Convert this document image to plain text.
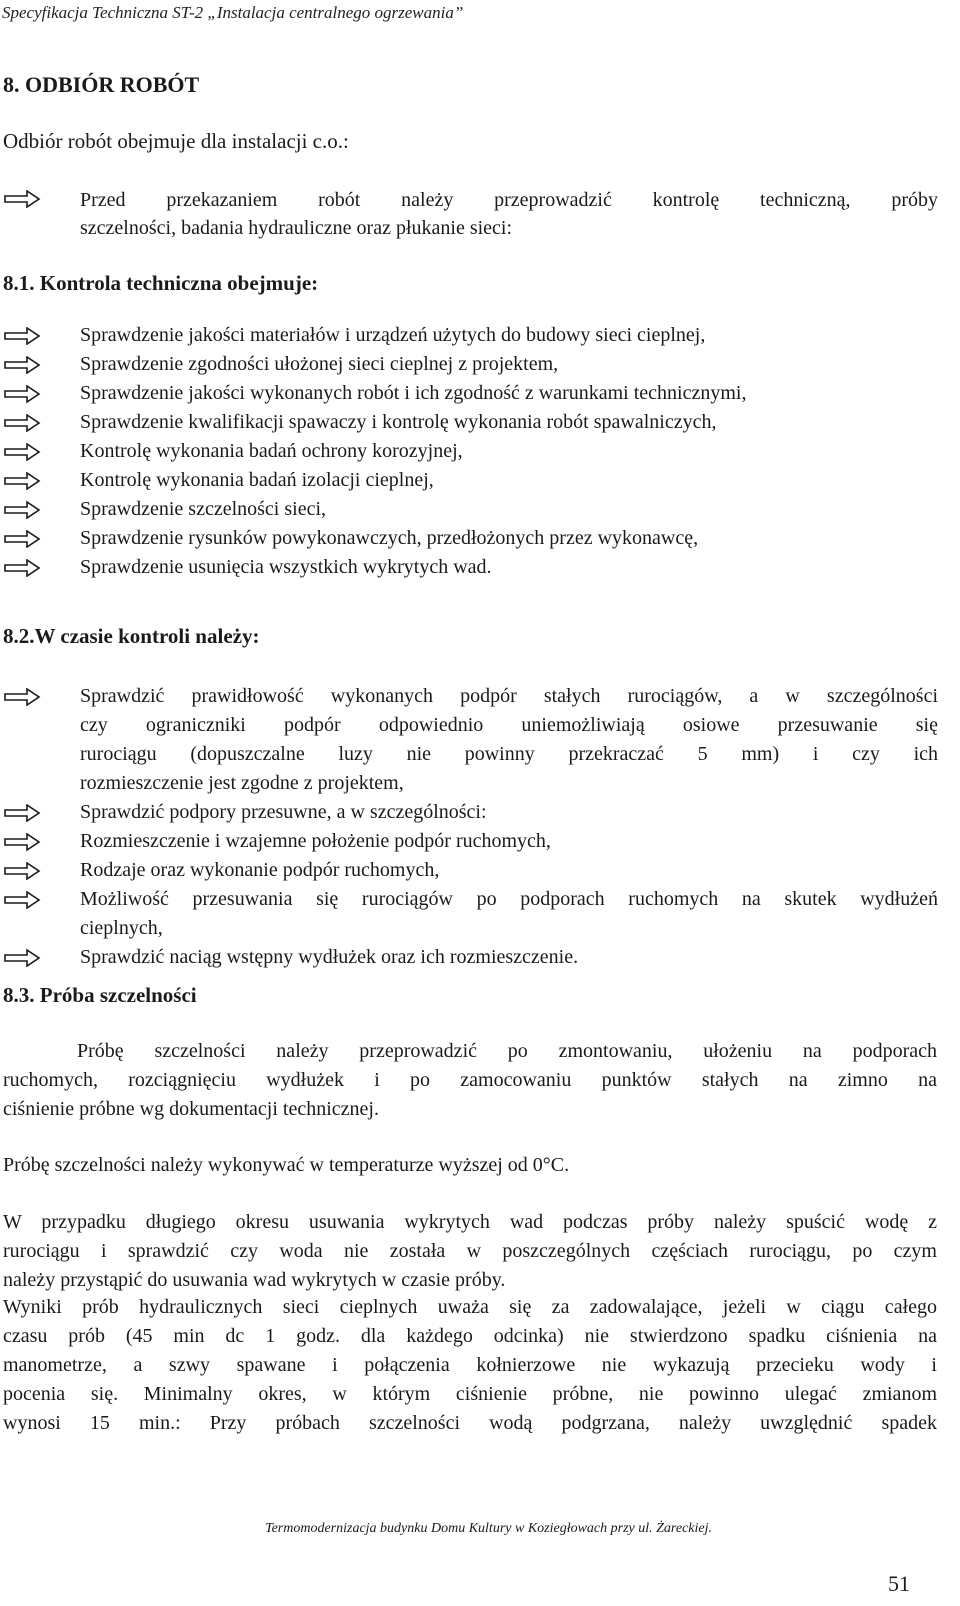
Specyfikacja Techniczna ST-2 „Instalacja centralnego ogrzewania”
8. ODBIÓR ROBÓT

Odbiór robót obejmuje dla instalacji c.o.:

Przed przekazaniem robót należy przeprowadzić kontrolę techniczną, próby
szczelności, badania hydrauliczne oraz płukanie sieci:
8.1. Kontrola techniczna obejmuje:
Sprawdzenie jakości materiałów i urządzeń użytych do budowy sieci cieplnej,
Sprawdzenie zgodności ułożonej sieci cieplnej z projektem,
Sprawdzenie jakości wykonanych robót i ich zgodność z warunkami technicznymi,
Sprawdzenie kwalifikacji spawaczy i kontrolę wykonania robót spawalniczych,
Kontrolę wykonania badań ochrony korozyjnej,
Kontrolę wykonania badań izolacji cieplnej,
Sprawdzenie szczelności sieci,
Sprawdzenie rysunków powykonawczych, przedłożonych przez wykonawcę,
Sprawdzenie usunięcia wszystkich wykrytych wad.
8.2.W czasie kontroli należy:
Sprawdzić prawidłowość wykonanych podpór stałych rurociągów, a w szczególności
czy ograniczniki podpór odpowiednio uniemożliwiają osiowe przesuwanie się
rurociągu (dopuszczalne luzy nie powinny przekraczać 5 mm) i czy ich
rozmieszczenie jest zgodne z projektem,
Sprawdzić podpory przesuwne, a w szczególności:
Rozmieszczenie i wzajemne położenie podpór ruchomych,
Rodzaje oraz wykonanie podpór ruchomych,
Możliwość przesuwania się rurociągów po podporach ruchomych na skutek wydłużeń
cieplnych,
Sprawdzić naciąg wstępny wydłużek oraz ich rozmieszczenie.
8.3. Próba szczelności
Próbę szczelności należy przeprowadzić po zmontowaniu, ułożeniu na podporach
ruchomych, rozciągnięciu wydłużek i po zamocowaniu punktów stałych na zimno na
ciśnienie próbne wg dokumentacji technicznej.
Próbę szczelności należy wykonywać w temperaturze wyższej od 0°C.
W przypadku długiego okresu usuwania wykrytych wad podczas próby należy spuścić wodę z
rurociągu i sprawdzić czy woda nie została w poszczególnych częściach rurociągu, po czym
należy przystąpić do usuwania wad wykrytych w czasie próby.
Wyniki prób hydraulicznych sieci cieplnych uważa się za zadowalające, jeżeli w ciągu całego
czasu prób (45 min dc 1 godz. dla każdego odcinka) nie stwierdzono spadku ciśnienia na
manometrze, a szwy spawane i połączenia kołnierzowe nie wykazują przecieku wody i
pocenia się. Minimalny okres, w którym ciśnienie próbne, nie powinno ulegać zmianom
wynosi 15 min.: Przy próbach szczelności wodą podgrzana, należy uwzględnić spadek
Termomodernizacja budynku Domu Kultury w Koziegłowach przy ul. Żareckiej.
51
